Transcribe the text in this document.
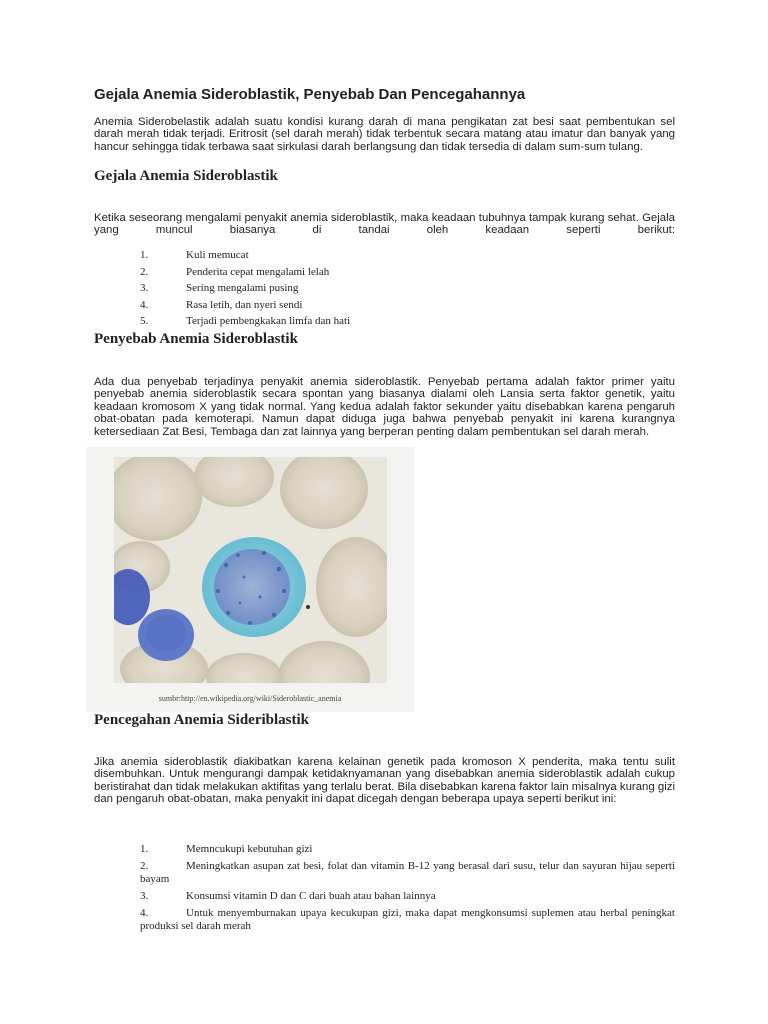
Gejala Anemia Sideroblastik, Penyebab Dan Pencegahannya

Anemia Siderobelastik adalah suatu kondisi kurang darah di mana pengikatan zat besi saat pembentukan sel darah merah tidak terjadi. Eritrosit (sel darah merah) tidak terbentuk secara matang atau imatur dan banyak yang hancur sehingga tidak terbawa saat sirkulasi darah berlangsung dan tidak tersedia di dalam sum-sum tulang.

Gejala Anemia Sideroblastik

Ketika seseorang mengalami penyakit anemia sideroblastik, maka keadaan tubuhnya tampak kurang sehat. Gejala yang muncul biasanya di tandai oleh keadaan seperti berikut:

1.	Kuli memucat
2.	Penderita cepat mengalami lelah
3.	Sering mengalami pusing
4.	Rasa letih, dan nyeri sendi
5.	Terjadi pembengkakan limfa dan hati
Penyebab Anemia Sideroblastik

Ada dua penyebab terjadinya penyakit anemia sideroblastik. Penyebab pertama adalah faktor primer yaitu penyebab anemia sideroblastik secara spontan yang biasanya dialami oleh Lansia serta faktor genetik, yaitu keadaan kromosom X yang tidak normal. Yang kedua adalah faktor sekunder yaitu disebabkan karena pengaruh obat-obatan pada kemoterapi. Namun dapat diduga juga bahwa penyebab penyakit ini karena kurangnya ketersediaan Zat Besi, Tembaga dan zat lainnya yang berperan penting dalam pembentukan sel darah merah.

sumbr:http://en.wikipedia.org/wiki/Sideroblastic_anemia
Pencegahan Anemia Sideriblastik

Jika anemia sideroblastik diakibatkan karena kelainan genetik pada kromoson X penderita, maka tentu sulit disembuhkan. Untuk mengurangi dampak ketidaknyamanan yang disebabkan anemia sideroblastik adalah cukup beristirahat dan tidak melakukan aktifitas yang terlalu berat. Bila disebabkan karena faktor lain misalnya kurang gizi dan pengaruh obat-obatan, maka penyakit ini dapat dicegah dengan beberapa upaya seperti berikut ini:

1.	Memncukupi kebutuhan gizi
2.	Meningkatkan asupan zat besi, folat dan vitamin B-12 yang berasal dari susu, telur dan sayuran hijau seperti bayam
3.	Konsumsi vitamin D dan C dari buah atau bahan lainnya
4.	Untuk menyemburnakan upaya kecukupan gizi, maka dapat mengkonsumsi suplemen atau herbal peningkat produksi sel darah merah
